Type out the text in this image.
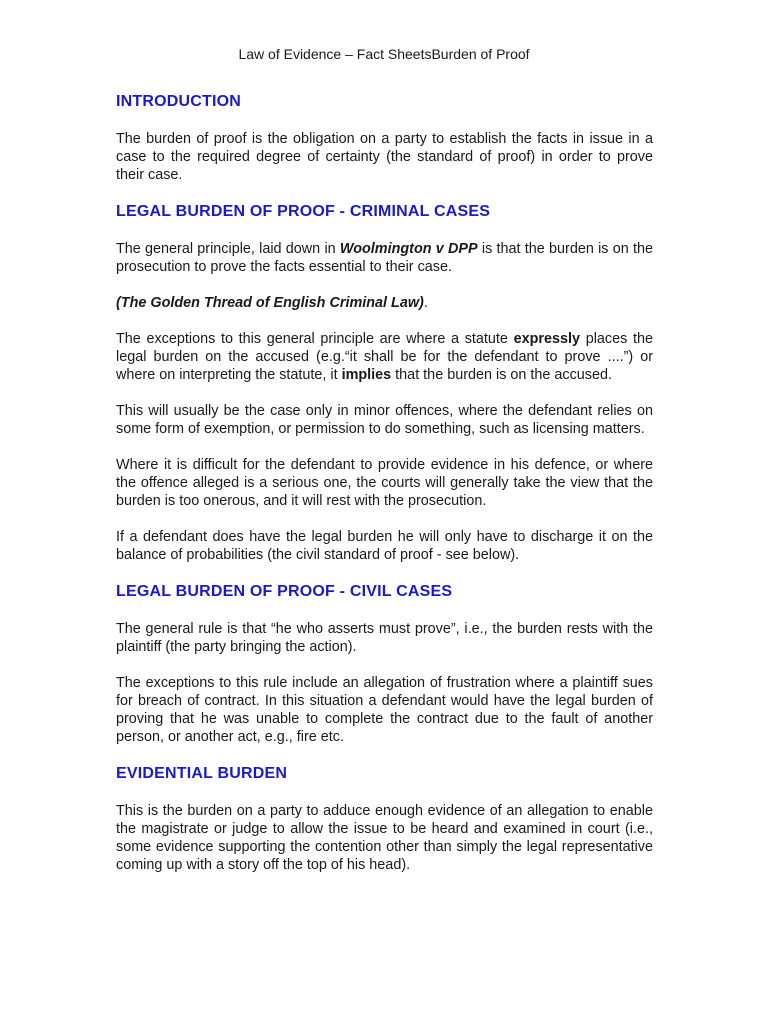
Law of Evidence – Fact SheetsBurden of Proof
INTRODUCTION

The burden of proof is the obligation on a party to establish the facts in issue in a case to the required degree of certainty (the standard of proof) in order to prove their case.

LEGAL BURDEN OF PROOF - CRIMINAL CASES

The general principle, laid down in Woolmington v DPP is that the burden is on the prosecution to prove the facts essential to their case.

(The Golden Thread of English Criminal Law).

The exceptions to this general principle are where a statute expressly places the legal burden on the accused (e.g.“it shall be for the defendant to prove ....”) or where on interpreting the statute, it implies that the burden is on the accused.

This will usually be the case only in minor offences, where the defendant relies on some form of exemption, or permission to do something, such as licensing matters.

Where it is difficult for the defendant to provide evidence in his defence, or where the offence alleged is a serious one, the courts will generally take the view that the burden is too onerous, and it will rest with the prosecution.

If a defendant does have the legal burden he will only have to discharge it on the balance of probabilities (the civil standard of proof - see below).

LEGAL BURDEN OF PROOF - CIVIL CASES

The general rule is that “he who asserts must prove”, i.e., the burden rests with the plaintiff (the party bringing the action).

The exceptions to this rule include an allegation of frustration where a plaintiff sues for breach of contract. In this situation a defendant would have the legal burden of proving that he was unable to complete the contract due to the fault of another person, or another act, e.g., fire etc.

EVIDENTIAL BURDEN

This is the burden on a party to adduce enough evidence of an allegation to enable the magistrate or judge to allow the issue to be heard and examined in court (i.e., some evidence supporting the contention other than simply the legal representative coming up with a story off the top of his head).
